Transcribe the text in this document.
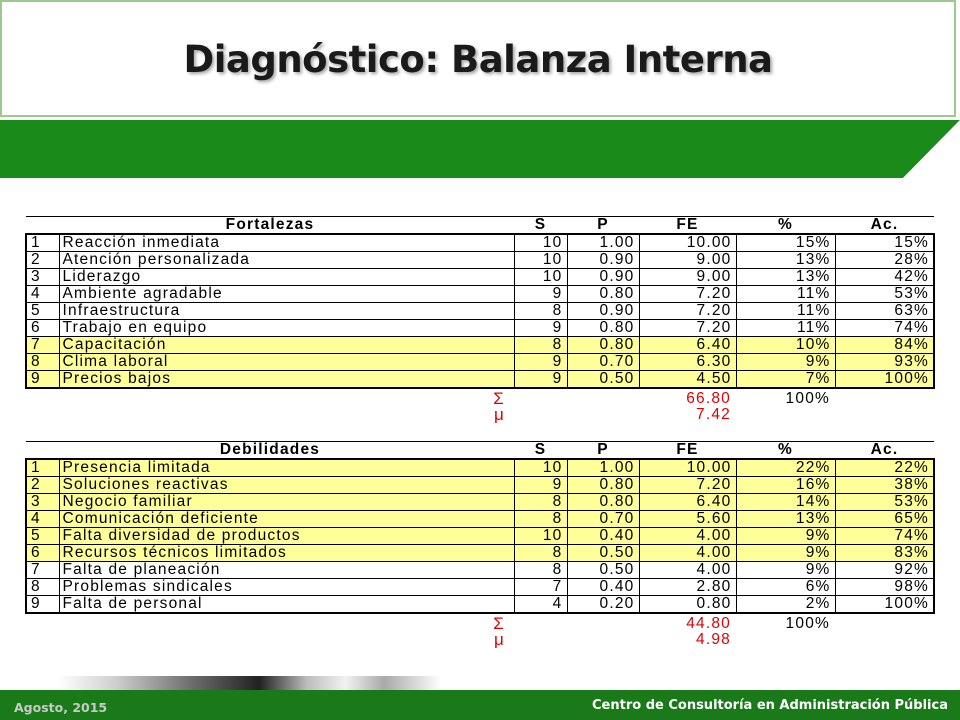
Diagnóstico: Balanza Interna
Fortalezas		S	P	FE	%	Ac.
1	Reacción inmediata	10	1.00	10.00	15%	15%
2	Atención personalizada	10	0.90	9.00	13%	28%
3	Liderazgo	10	0.90	9.00	13%	42%
4	Ambiente agradable	9	0.80	7.20	11%	53%
5	Infraestructura	8	0.90	7.20	11%	63%
6	Trabajo en equipo	9	0.80	7.20	11%	74%
7	Capacitación	8	0.80	6.40	10%	84%
8	Clima laboral	9	0.70	6.30	9%	93%
9	Precios bajos	9	0.50	4.50	7%	100%
	Σ			66.80	100%	
	μ			7.42		
Debilidades		S	P	FE	%	Ac.
1	Presencia limitada	10	1.00	10.00	22%	22%
2	Soluciones reactivas	9	0.80	7.20	16%	38%
3	Negocio familiar	8	0.80	6.40	14%	53%
4	Comunicación deficiente	8	0.70	5.60	13%	65%
5	Falta diversidad de productos	10	0.40	4.00	9%	74%
6	Recursos técnicos limitados	8	0.50	4.00	9%	83%
7	Falta de planeación	8	0.50	4.00	9%	92%
8	Problemas sindicales	7	0.40	2.80	6%	98%
9	Falta de personal	4	0.20	0.80	2%	100%
	Σ			44.80	100%	
	μ			4.98		
Agosto, 2015	Centro de Consultoría en Administración Pública
